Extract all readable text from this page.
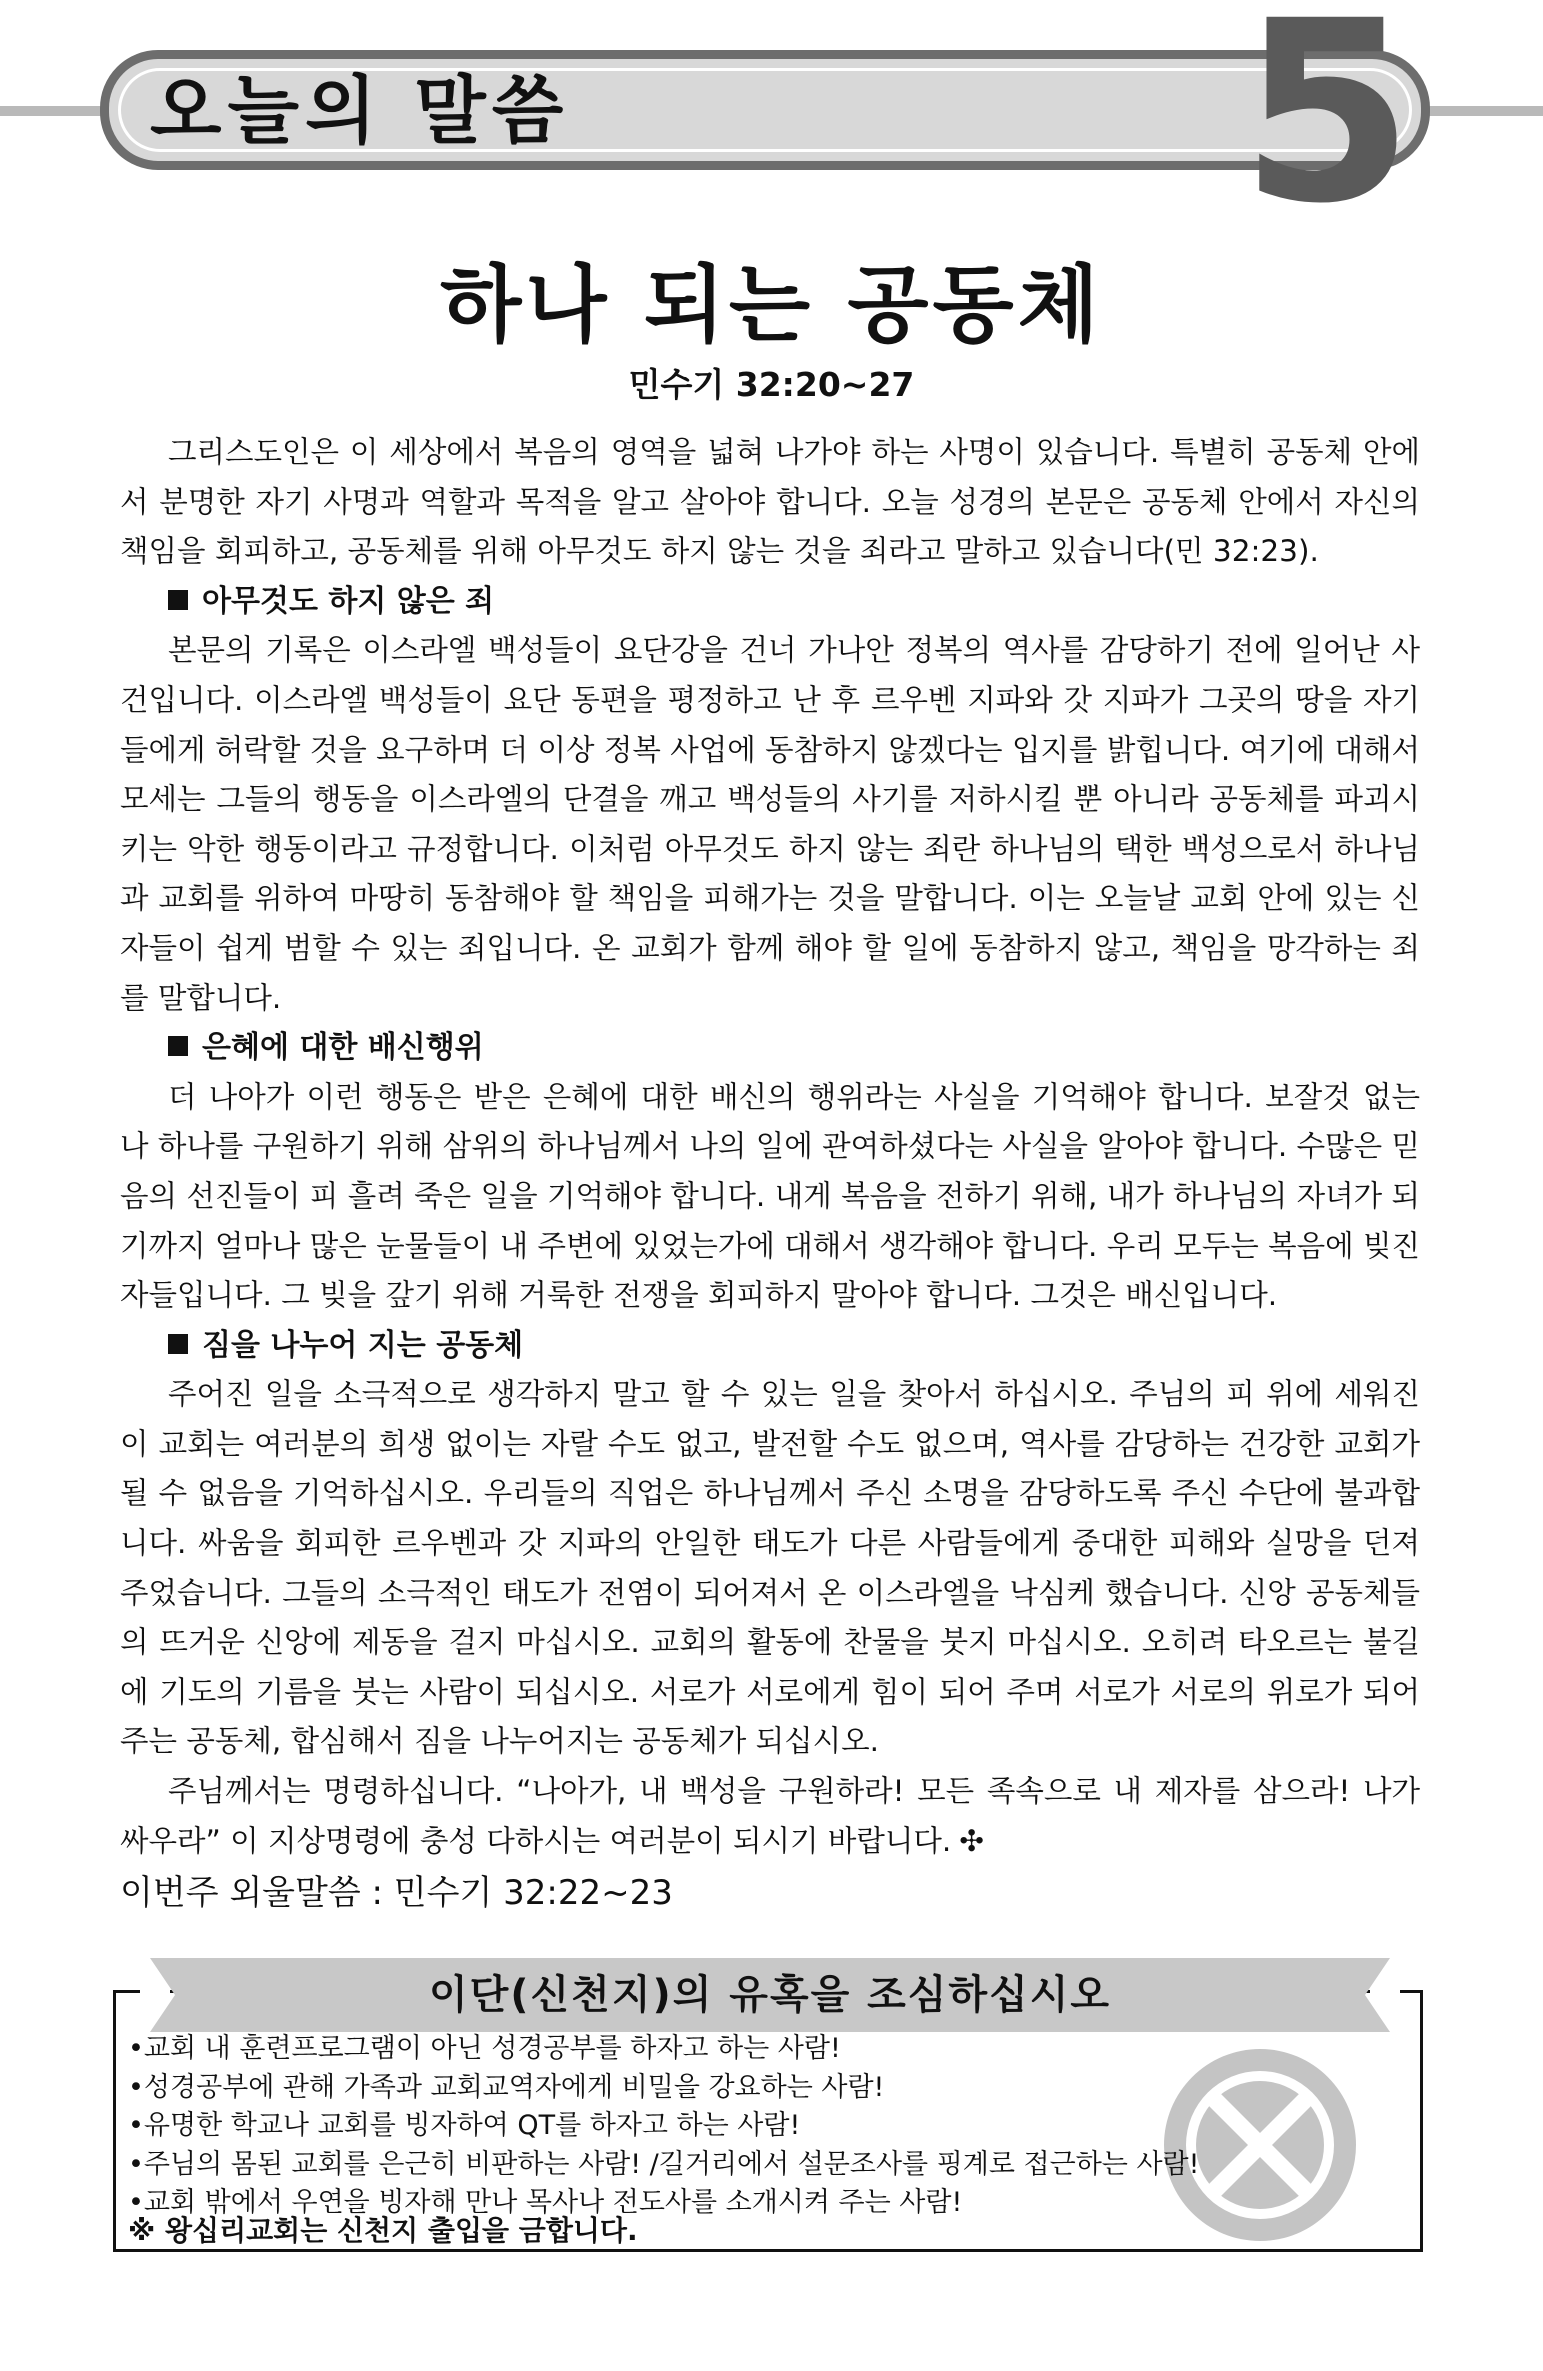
오늘의 말씀	5
하나 되는 공동체
민수기 32:20~27

그리스도인은 이 세상에서 복음의 영역을 넓혀 나가야 하는 사명이 있습니다. 특별히 공동체 안에서 분명한 자기 사명과 역할과 목적을 알고 살아야 합니다. 오늘 성경의 본문은 공동체 안에서 자신의 책임을 회피하고, 공동체를 위해 아무것도 하지 않는 것을 죄라고 말하고 있습니다(민 32:23).

아무것도 하지 않은 죄

본문의 기록은 이스라엘 백성들이 요단강을 건너 가나안 정복의 역사를 감당하기 전에 일어난 사건입니다. 이스라엘 백성들이 요단 동편을 평정하고 난 후 르우벤 지파와 갓 지파가 그곳의 땅을 자기들에게 허락할 것을 요구하며 더 이상 정복 사업에 동참하지 않겠다는 입지를 밝힙니다. 여기에 대해서 모세는 그들의 행동을 이스라엘의 단결을 깨고 백성들의 사기를 저하시킬 뿐 아니라 공동체를 파괴시키는 악한 행동이라고 규정합니다. 이처럼 아무것도 하지 않는 죄란 하나님의 택한 백성으로서 하나님과 교회를 위하여 마땅히 동참해야 할 책임을 피해가는 것을 말합니다. 이는 오늘날 교회 안에 있는 신자들이 쉽게 범할 수 있는 죄입니다. 온 교회가 함께 해야 할 일에 동참하지 않고, 책임을 망각하는 죄를 말합니다.

은혜에 대한 배신행위

더 나아가 이런 행동은 받은 은혜에 대한 배신의 행위라는 사실을 기억해야 합니다. 보잘것 없는 나 하나를 구원하기 위해 삼위의 하나님께서 나의 일에 관여하셨다는 사실을 알아야 합니다. 수많은 믿음의 선진들이 피 흘려 죽은 일을 기억해야 합니다. 내게 복음을 전하기 위해, 내가 하나님의 자녀가 되기까지 얼마나 많은 눈물들이 내 주변에 있었는가에 대해서 생각해야 합니다. 우리 모두는 복음에 빚진 자들입니다. 그 빚을 갚기 위해 거룩한 전쟁을 회피하지 말아야 합니다. 그것은 배신입니다.

짐을 나누어 지는 공동체

주어진 일을 소극적으로 생각하지 말고 할 수 있는 일을 찾아서 하십시오. 주님의 피 위에 세워진 이 교회는 여러분의 희생 없이는 자랄 수도 없고, 발전할 수도 없으며, 역사를 감당하는 건강한 교회가 될 수 없음을 기억하십시오. 우리들의 직업은 하나님께서 주신 소명을 감당하도록 주신 수단에 불과합니다. 싸움을 회피한 르우벤과 갓 지파의 안일한 태도가 다른 사람들에게 중대한 피해와 실망을 던져 주었습니다. 그들의 소극적인 태도가 전염이 되어져서 온 이스라엘을 낙심케 했습니다. 신앙 공동체들의 뜨거운 신앙에 제동을 걸지 마십시오. 교회의 활동에 찬물을 붓지 마십시오. 오히려 타오르는 불길에 기도의 기름을 붓는 사람이 되십시오. 서로가 서로에게 힘이 되어 주며 서로가 서로의 위로가 되어주는 공동체, 합심해서 짐을 나누어지는 공동체가 되십시오.

주님께서는 명령하십니다. “나아가, 내 백성을 구원하라! 모든 족속으로 내 제자를 삼으라! 나가 싸우라” 이 지상명령에 충성 다하시는 여러분이 되시기 바랍니다. ✣

이번주 외울말씀 : 민수기 32:22~23
이단(신천지)의 유혹을 조심하십시오
•교회 내 훈련프로그램이 아닌 성경공부를 하자고 하는 사람!
•성경공부에 관해 가족과 교회교역자에게 비밀을 강요하는 사람!
•유명한 학교나 교회를 빙자하여 QT를 하자고 하는 사람!
•주님의 몸된 교회를 은근히 비판하는 사람! /길거리에서 설문조사를 핑계로 접근하는 사람!
•교회 밖에서 우연을 빙자해 만나 목사나 전도사를 소개시켜 주는 사람!
※ 왕십리교회는 신천지 출입을 금합니다.
